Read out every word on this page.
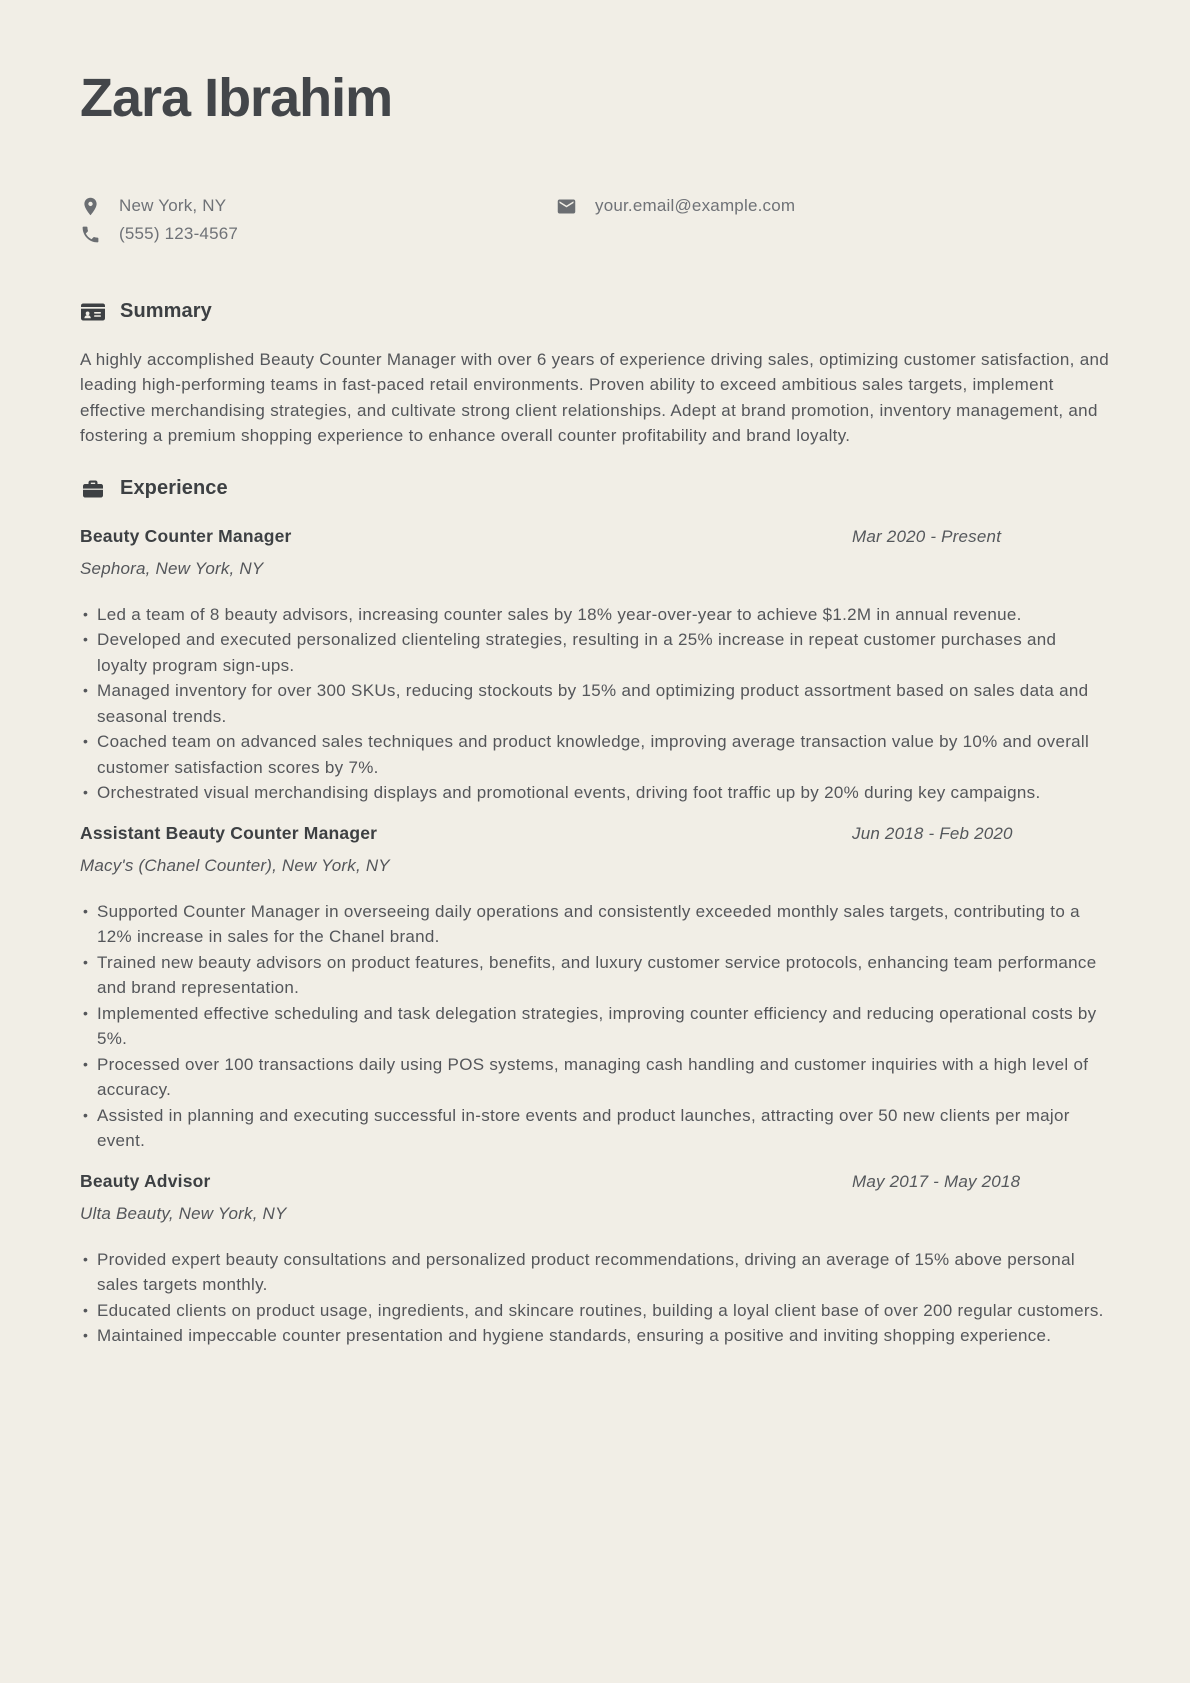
Zara Ibrahim
New York, NY	your.email@example.com
(555) 123-4567
Summary

A highly accomplished Beauty Counter Manager with over 6 years of experience driving sales, optimizing customer satisfaction, and leading high-performing teams in fast-paced retail environments. Proven ability to exceed ambitious sales targets, implement effective merchandising strategies, and cultivate strong client relationships. Adept at brand promotion, inventory management, and fostering a premium shopping experience to enhance overall counter profitability and brand loyalty.

Experience
Beauty Counter Manager	Mar 2020 - Present
Sephora, New York, NY
• Led a team of 8 beauty advisors, increasing counter sales by 18% year-over-year to achieve $1.2M in annual revenue.
• Developed and executed personalized clienteling strategies, resulting in a 25% increase in repeat customer purchases and loyalty program sign-ups.
• Managed inventory for over 300 SKUs, reducing stockouts by 15% and optimizing product assortment based on sales data and seasonal trends.
• Coached team on advanced sales techniques and product knowledge, improving average transaction value by 10% and overall customer satisfaction scores by 7%.
• Orchestrated visual merchandising displays and promotional events, driving foot traffic up by 20% during key campaigns.
Assistant Beauty Counter Manager	Jun 2018 - Feb 2020
Macy's (Chanel Counter), New York, NY
• Supported Counter Manager in overseeing daily operations and consistently exceeded monthly sales targets, contributing to a 12% increase in sales for the Chanel brand.
• Trained new beauty advisors on product features, benefits, and luxury customer service protocols, enhancing team performance and brand representation.
• Implemented effective scheduling and task delegation strategies, improving counter efficiency and reducing operational costs by 5%.
• Processed over 100 transactions daily using POS systems, managing cash handling and customer inquiries with a high level of accuracy.
• Assisted in planning and executing successful in-store events and product launches, attracting over 50 new clients per major event.
Beauty Advisor	May 2017 - May 2018
Ulta Beauty, New York, NY
• Provided expert beauty consultations and personalized product recommendations, driving an average of 15% above personal sales targets monthly.
• Educated clients on product usage, ingredients, and skincare routines, building a loyal client base of over 200 regular customers.
• Maintained impeccable counter presentation and hygiene standards, ensuring a positive and inviting shopping experience.
